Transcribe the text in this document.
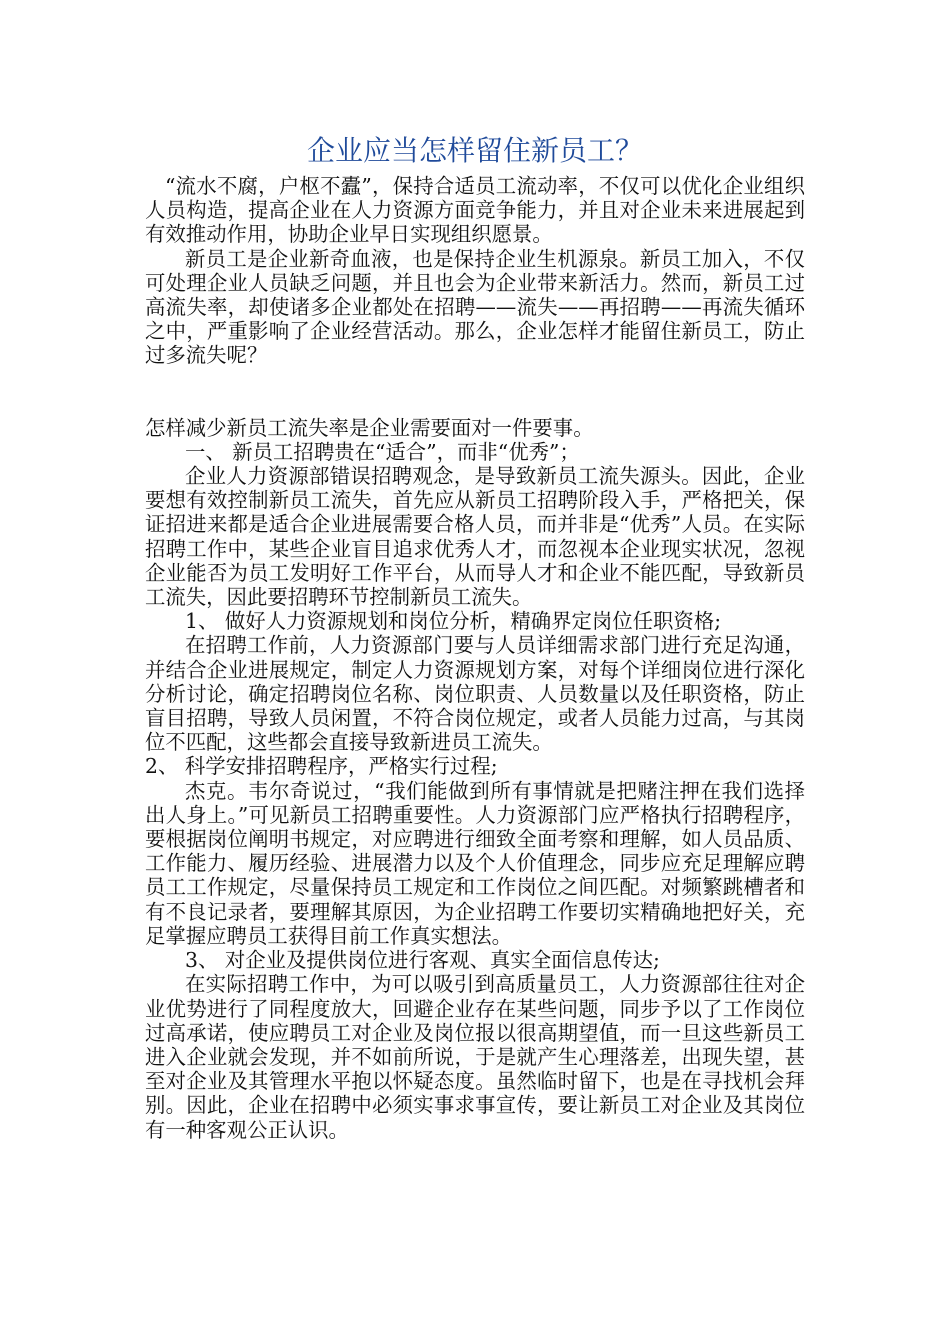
企业应当怎样留住新员工？

“流水不腐，户枢不蠹”，保持合适员工流动率，不仅可以优化企业组织人员构造，提高企业在人力资源方面竞争能力，并且对企业未来进展起到有效推动作用，协助企业早日实现组织愿景。

新员工是企业新奇血液，也是保持企业生机源泉。新员工加入，不仅可处理企业人员缺乏问题，并且也会为企业带来新活力。然而，新员工过高流失率，却使诸多企业都处在招聘——流失——再招聘——再流失循环之中，严重影响了企业经营活动。那么，企业怎样才能留住新员工，防止过多流失呢？

怎样减少新员工流失率是企业需要面对一件要事。

一、 新员工招聘贵在“适合”，而非“优秀”；

企业人力资源部错误招聘观念，是导致新员工流失源头。因此，企业要想有效控制新员工流失，首先应从新员工招聘阶段入手，严格把关，保证招进来都是适合企业进展需要合格人员，而并非是“优秀”人员。在实际招聘工作中，某些企业盲目追求优秀人才，而忽视本企业现实状况，忽视企业能否为员工发明好工作平台，从而导人才和企业不能匹配，导致新员工流失，因此要招聘环节控制新员工流失。

1、 做好人力资源规划和岗位分析，精确界定岗位任职资格;

在招聘工作前，人力资源部门要与人员详细需求部门进行充足沟通，并结合企业进展规定，制定人力资源规划方案，对每个详细岗位进行深化分析讨论，确定招聘岗位名称、岗位职责、人员数量以及任职资格，防止盲目招聘，导致人员闲置，不符合岗位规定，或者人员能力过高，与其岗位不匹配，这些都会直接导致新进员工流失。

2、 科学安排招聘程序，严格实行过程;

杰克。韦尔奇说过，“我们能做到所有事情就是把赌注押在我们选择出人身上。”可见新员工招聘重要性。人力资源部门应严格执行招聘程序，要根据岗位阐明书规定，对应聘进行细致全面考察和理解，如人员品质、工作能力、履历经验、进展潜力以及个人价值理念，同步应充足理解应聘员工工作规定，尽量保持员工规定和工作岗位之间匹配。对频繁跳槽者和有不良记录者，要理解其原因，为企业招聘工作要切实精确地把好关，充足掌握应聘员工获得目前工作真实想法。

3、 对企业及提供岗位进行客观、真实全面信息传达;

在实际招聘工作中，为可以吸引到高质量员工，人力资源部往往对企业优势进行了同程度放大，回避企业存在某些问题，同步予以了工作岗位过高承诺，使应聘员工对企业及岗位报以很高期望值，而一旦这些新员工进入企业就会发现，并不如前所说，于是就产生心理落差，出现失望，甚至对企业及其管理水平抱以怀疑态度。虽然临时留下，也是在寻找机会拜别。因此，企业在招聘中必须实事求事宣传，要让新员工对企业及其岗位有一种客观公正认识。
